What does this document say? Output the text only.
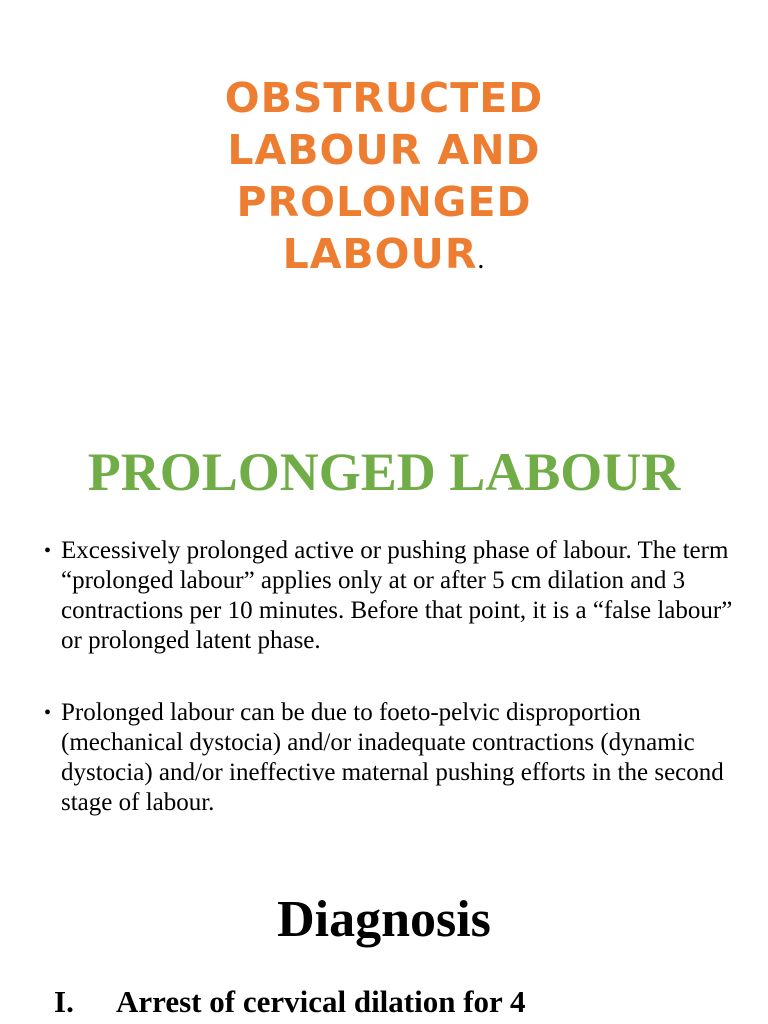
OBSTRUCTED
LABOUR AND
PROLONGED
LABOUR.
PROLONGED LABOUR
• Excessively prolonged active or pushing phase of labour. The term “prolonged labour” applies only at or after 5 cm dilation and 3 contractions per 10 minutes. Before that point, it is a “false labour” or prolonged latent phase.
• Prolonged labour can be due to foeto-pelvic disproportion (mechanical dystocia) and/or inadequate contractions (dynamic dystocia) and/or ineffective maternal pushing efforts in the second stage of labour.
Diagnosis
I. Arrest of cervical dilation for 4
